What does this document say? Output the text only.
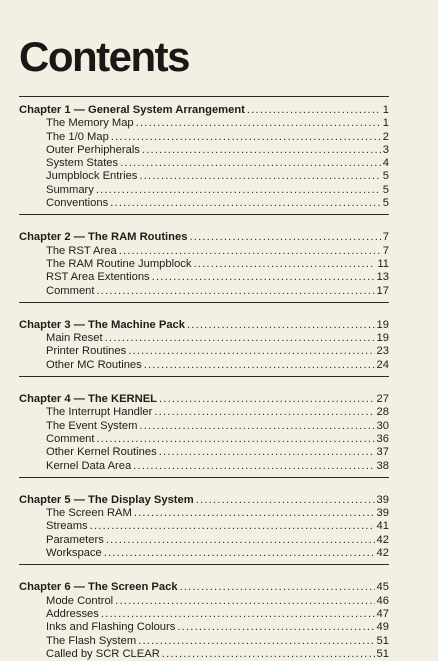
Contents
Chapter 1 — General System Arrangement .....	1
The Memory Map .....	1
The 1/0 Map .....	2
Outer Perhipherals .....	3
System States .....	4
Jumpblock Entries .....	5
Summary .....	5
Conventions .....	5
Chapter 2 — The RAM Routines .....	7
The RST Area .....	7
The RAM Routine Jumpblock .....	11
RST Area Extentions .....	13
Comment .....	17
Chapter 3 — The Machine Pack .....	19
Main Reset .....	19
Printer Routines .....	23
Other MC Routines .....	24
Chapter 4 — The KERNEL .....	27
The Interrupt Handler .....	28
The Event System .....	30
Comment .....	36
Other Kernel Routines .....	37
Kernel Data Area .....	38
Chapter 5 — The Display System .....	39
The Screen RAM .....	39
Streams .....	41
Parameters .....	42
Workspace .....	42
Chapter 6 — The Screen Pack .....	45
Mode Control .....	46
Addresses .....	47
Inks and Flashing Colours .....	49
The Flash System .....	51
Called by SCR CLEAR .....	51
